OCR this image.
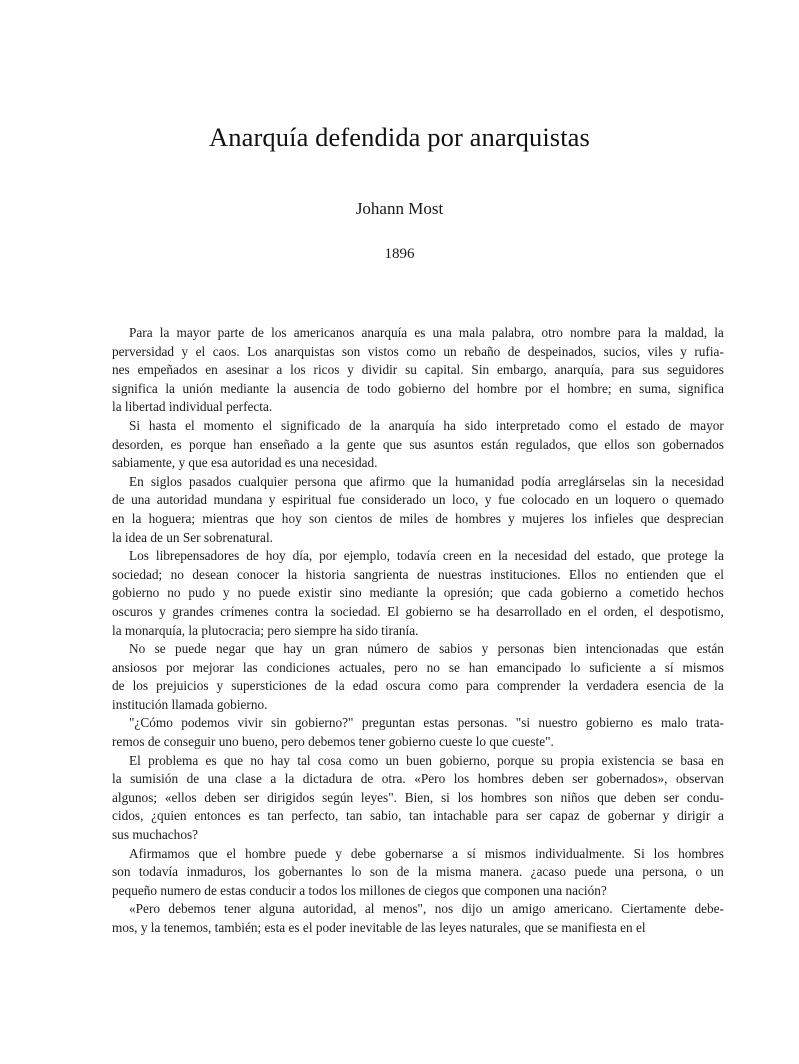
Anarquía defendida por anarquistas
Johann Most
1896
Para la mayor parte de los americanos anarquía es una mala palabra, otro nombre para la maldad, la
perversidad y el caos. Los anarquistas son vistos como un rebaño de despeinados, sucios, viles y rufia-
nes empeñados en asesinar a los ricos y dividir su capital. Sin embargo, anarquía, para sus seguidores
significa la unión mediante la ausencia de todo gobierno del hombre por el hombre; en suma, significa
la libertad individual perfecta.
Si hasta el momento el significado de la anarquía ha sido interpretado como el estado de mayor
desorden, es porque han enseñado a la gente que sus asuntos están regulados, que ellos son gobernados
sabiamente, y que esa autoridad es una necesidad.
En siglos pasados cualquier persona que afirmo que la humanidad podía arreglárselas sin la necesidad
de una autoridad mundana y espiritual fue considerado un loco, y fue colocado en un loquero o quemado
en la hoguera; mientras que hoy son cientos de miles de hombres y mujeres los infieles que desprecian
la idea de un Ser sobrenatural.
Los librepensadores de hoy día, por ejemplo, todavía creen en la necesidad del estado, que protege la
sociedad; no desean conocer la historia sangrienta de nuestras instituciones. Ellos no entienden que el
gobierno no pudo y no puede existir sino mediante la opresión; que cada gobierno a cometido hechos
oscuros y grandes crímenes contra la sociedad. El gobierno se ha desarrollado en el orden, el despotismo,
la monarquía, la plutocracia; pero siempre ha sido tiranía.
No se puede negar que hay un gran número de sabios y personas bien intencionadas que están
ansiosos por mejorar las condiciones actuales, pero no se han emancipado lo suficiente a sí mismos
de los prejuicios y supersticiones de la edad oscura como para comprender la verdadera esencia de la
institución llamada gobierno.
"¿Cómo podemos vivir sin gobierno?" preguntan estas personas. "si nuestro gobierno es malo trata-
remos de conseguir uno bueno, pero debemos tener gobierno cueste lo que cueste".
El problema es que no hay tal cosa como un buen gobierno, porque su propia existencia se basa en
la sumisión de una clase a la dictadura de otra. «Pero los hombres deben ser gobernados», observan
algunos; «ellos deben ser dirigidos según leyes". Bien, si los hombres son niños que deben ser condu-
cidos, ¿quien entonces es tan perfecto, tan sabio, tan intachable para ser capaz de gobernar y dirigir a
sus muchachos?
Afirmamos que el hombre puede y debe gobernarse a sí mismos individualmente. Si los hombres
son todavía inmaduros, los gobernantes lo son de la misma manera. ¿acaso puede una persona, o un
pequeño numero de estas conducir a todos los millones de ciegos que componen una nación?
«Pero debemos tener alguna autoridad, al menos", nos dijo un amigo americano. Ciertamente debe-
mos, y la tenemos, también; esta es el poder inevitable de las leyes naturales, que se manifiesta en el
